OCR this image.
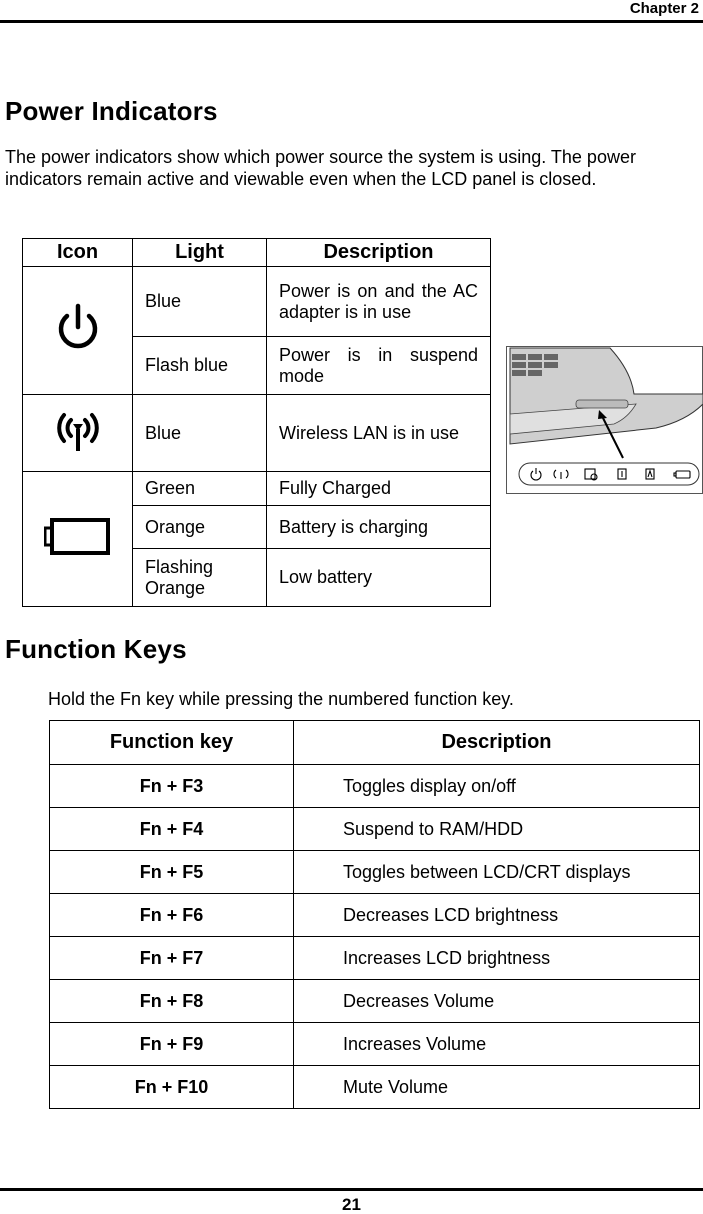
Chapter 2
Power Indicators
The power indicators show which power source the system is using. The power indicators remain active and viewable even when the LCD panel is closed.
Icon	Light	Description
	Blue	Power is on and the AC adapter is in use
	Flash blue	Power is in suspend mode
	Blue	Wireless LAN is in use
	Green	Fully Charged
	Orange	Battery is charging
	Flashing Orange	Low battery
Function Keys
Hold the Fn key while pressing the numbered function key.
Function key	Description
Fn + F3	Toggles display on/off
Fn + F4	Suspend to RAM/HDD
Fn + F5	Toggles between LCD/CRT displays
Fn + F6	Decreases LCD brightness
Fn + F7	Increases LCD brightness
Fn + F8	Decreases Volume
Fn + F9	Increases Volume
Fn + F10	Mute Volume
21
